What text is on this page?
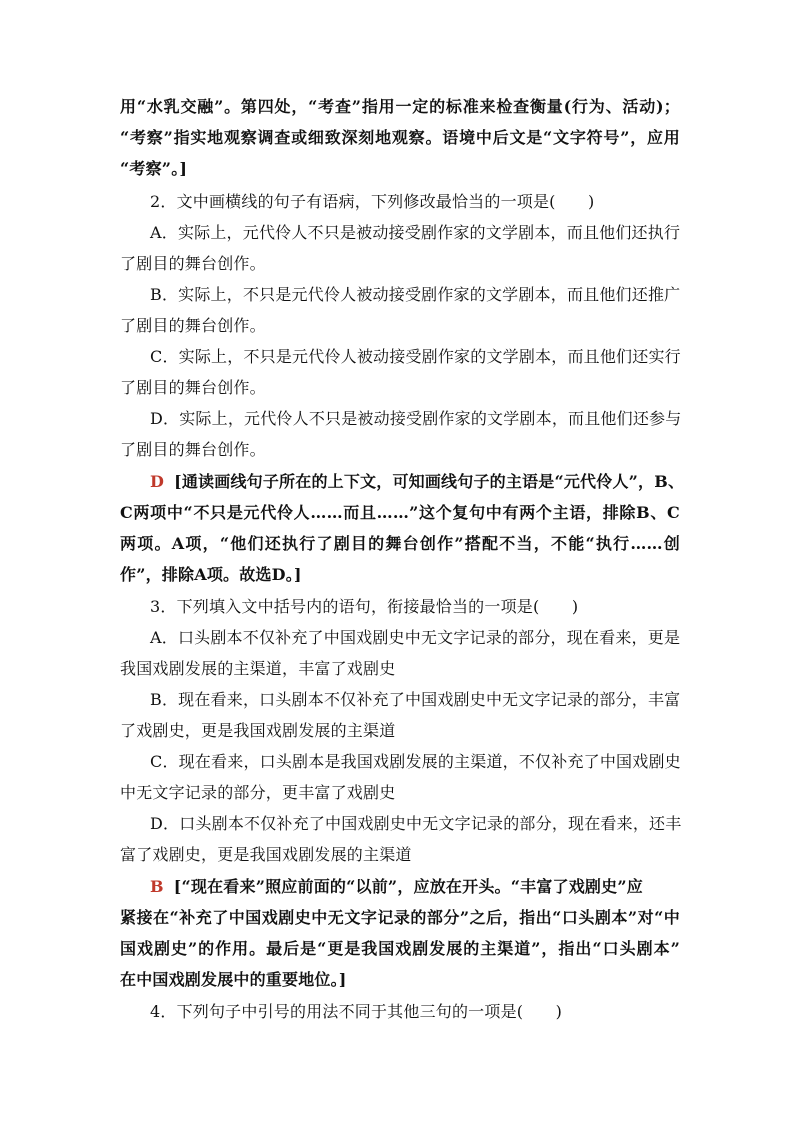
用“水乳交融”。第四处，“考查”指用一定的标准来检查衡量(行为、活动)；
“考察”指实地观察调查或细致深刻地观察。语境中后文是“文字符号”，应用
“考察”。]
2．文中画横线的句子有语病，下列修改最恰当的一项是(　　)
A．实际上，元代伶人不只是被动接受剧作家的文学剧本，而且他们还执行
了剧目的舞台创作。
B．实际上，不只是元代伶人被动接受剧作家的文学剧本，而且他们还推广
了剧目的舞台创作。
C．实际上，不只是元代伶人被动接受剧作家的文学剧本，而且他们还实行
了剧目的舞台创作。
D．实际上，元代伶人不只是被动接受剧作家的文学剧本，而且他们还参与
了剧目的舞台创作。
D [通读画线句子所在的上下文，可知画线句子的主语是“元代伶人”，B、
C两项中“不只是元代伶人……而且……”这个复句中有两个主语，排除B、C
两项。A项，“他们还执行了剧目的舞台创作”搭配不当，不能“执行……创
作”，排除A项。故选D。]
3．下列填入文中括号内的语句，衔接最恰当的一项是(　　)
A．口头剧本不仅补充了中国戏剧史中无文字记录的部分，现在看来，更是
我国戏剧发展的主渠道，丰富了戏剧史
B．现在看来，口头剧本不仅补充了中国戏剧史中无文字记录的部分，丰富
了戏剧史，更是我国戏剧发展的主渠道
C．现在看来，口头剧本是我国戏剧发展的主渠道，不仅补充了中国戏剧史
中无文字记录的部分，更丰富了戏剧史
D．口头剧本不仅补充了中国戏剧史中无文字记录的部分，现在看来，还丰
富了戏剧史，更是我国戏剧发展的主渠道
B [“现在看来”照应前面的“以前”，应放在开头。“丰富了戏剧史”应
紧接在“补充了中国戏剧史中无文字记录的部分”之后，指出“口头剧本”对“中
国戏剧史”的作用。最后是“更是我国戏剧发展的主渠道”，指出“口头剧本”
在中国戏剧发展中的重要地位。]
4．下列句子中引号的用法不同于其他三句的一项是(　　)
